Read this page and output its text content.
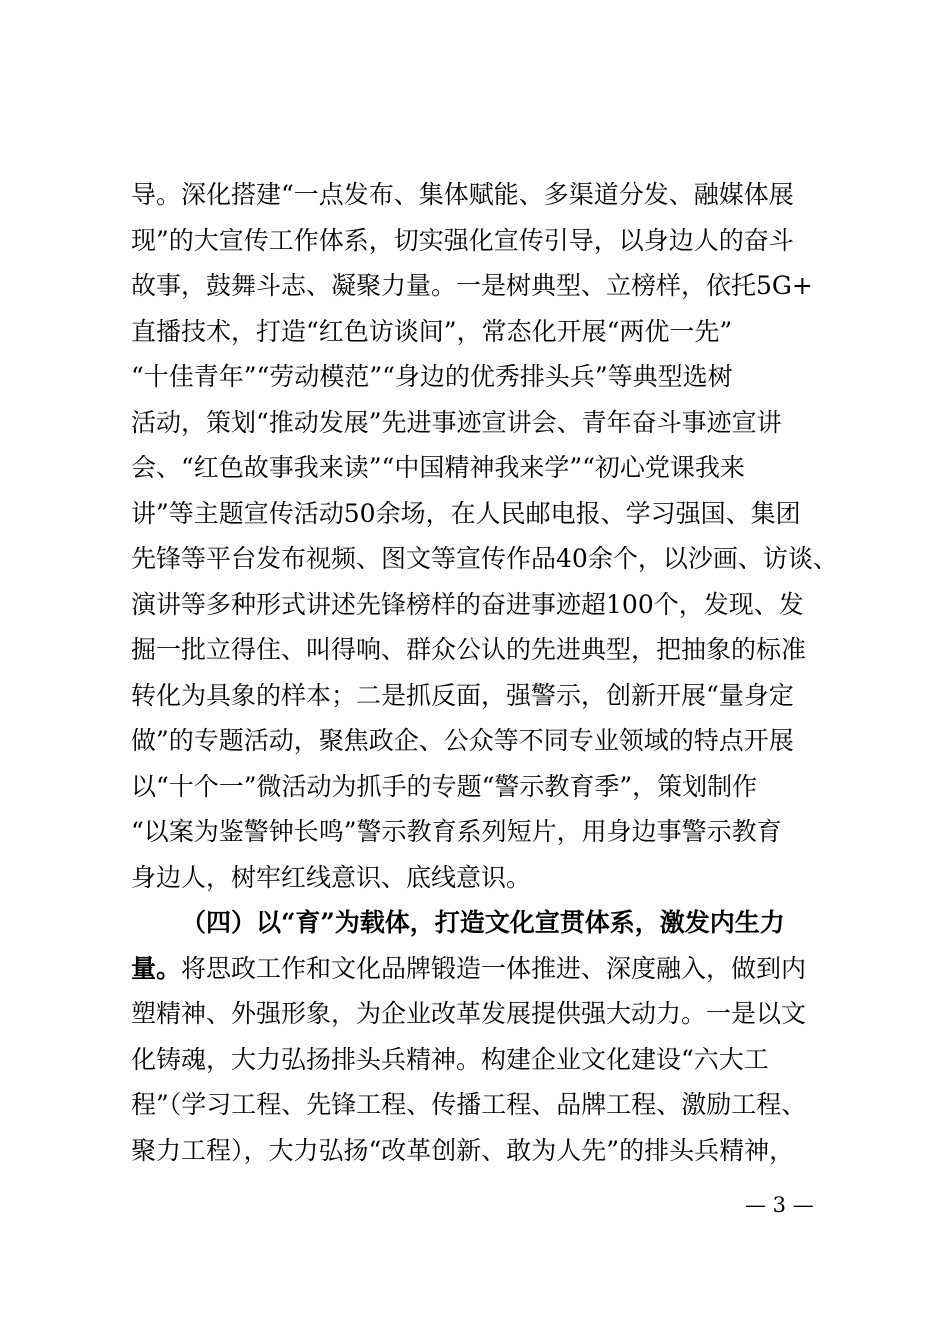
导。深化搭建“一点发布、集体赋能、多渠道分发、融媒体展
现”的大宣传工作体系，切实强化宣传引导，以身边人的奋斗
故事，鼓舞斗志、凝聚力量。一是树典型、立榜样，依托5G+
直播技术，打造“红色访谈间”，常态化开展“两优一先”
“十佳青年”“劳动模范”“身边的优秀排头兵”等典型选树
活动，策划“推动发展”先进事迹宣讲会、青年奋斗事迹宣讲
会、“红色故事我来读”“中国精神我来学”“初心党课我来
讲”等主题宣传活动50余场，在人民邮电报、学习强国、集团
先锋等平台发布视频、图文等宣传作品40余个，以沙画、访谈、
演讲等多种形式讲述先锋榜样的奋进事迹超100个，发现、发
掘一批立得住、叫得响、群众公认的先进典型，把抽象的标准
转化为具象的样本；二是抓反面，强警示，创新开展“量身定
做”的专题活动，聚焦政企、公众等不同专业领域的特点开展
以“十个一”微活动为抓手的专题“警示教育季”，策划制作
“以案为鉴警钟长鸣”警示教育系列短片，用身边事警示教育
身边人，树牢红线意识、底线意识。
（四）以“育”为载体，打造文化宣贯体系，激发内生力
量。将思政工作和文化品牌锻造一体推进、深度融入，做到内
塑精神、外强形象，为企业改革发展提供强大动力。一是以文
化铸魂，大力弘扬排头兵精神。构建企业文化建设“六大工
程”（学习工程、先锋工程、传播工程、品牌工程、激励工程、
聚力工程），大力弘扬“改革创新、敢为人先”的排头兵精神，
— 3 —
